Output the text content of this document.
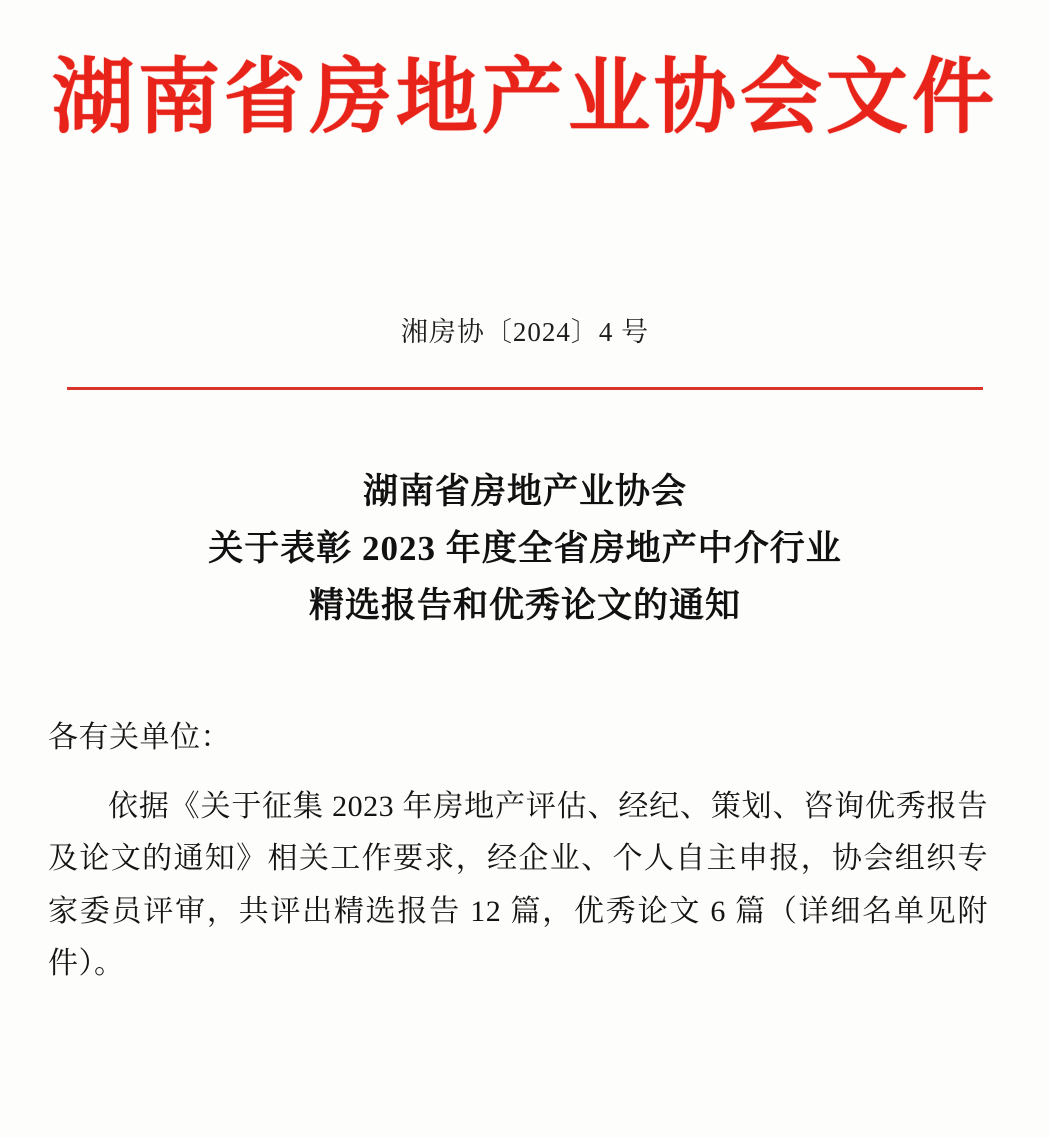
湖南省房地产业协会文件
湘房协〔2024〕4 号
湖南省房地产业协会
关于表彰 2023 年度全省房地产中介行业
精选报告和优秀论文的通知

各有关单位：

依据《关于征集 2023 年房地产评估、经纪、策划、咨询优秀报告及论文的通知》相关工作要求，经企业、个人自主申报，协会组织专家委员评审，共评出精选报告 12 篇，优秀论文 6 篇（详细名单见附件）。
